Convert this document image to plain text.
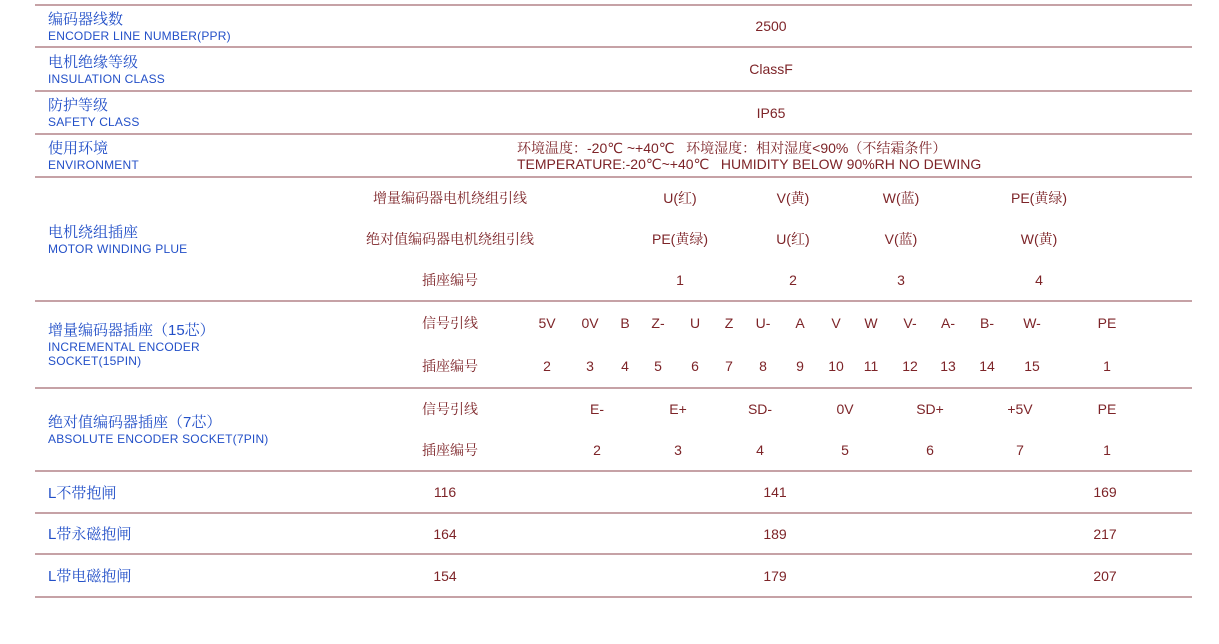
编码器线数
ENCODER LINE NUMBER(PPR)
2500
电机绝缘等级
INSULATION CLASS
ClassF
防护等级
SAFETY CLASS
IP65
使用环境
ENVIRONMENT
环境温度：-20℃ ~+40℃   环境湿度：相对湿度<90%（不结霜条件）
TEMPERATURE:-20℃~+40℃   HUMIDITY BELOW 90%RH NO DEWING
电机绕组插座
MOTOR WINDING PLUE
增量编码器电机绕组引线	U(红)	V(黄)	W(蓝)	PE(黄绿)
绝对值编码器电机绕组引线	PE(黄绿)	U(红)	V(蓝)	W(黄)
插座编号	1	2	3	4
增量编码器插座（15芯）
INCREMENTAL ENCODER
SOCKET(15PIN)
信号引线	5V 0V B Z- U Z U- A V W V- A- B- W-	PE
插座编号	2	3 4 5 6 7 8 9 10 11 12 13 14 15	1
绝对值编码器插座（7芯）
ABSOLUTE ENCODER SOCKET(7PIN)
信号引线	E-	E+	SD-	0V	SD+	+5V	PE
插座编号	2	3	4	5	6	7	1
L不带抱闸	116	141	169
L带永磁抱闸	164	189	217
L带电磁抱闸	154	179	207
